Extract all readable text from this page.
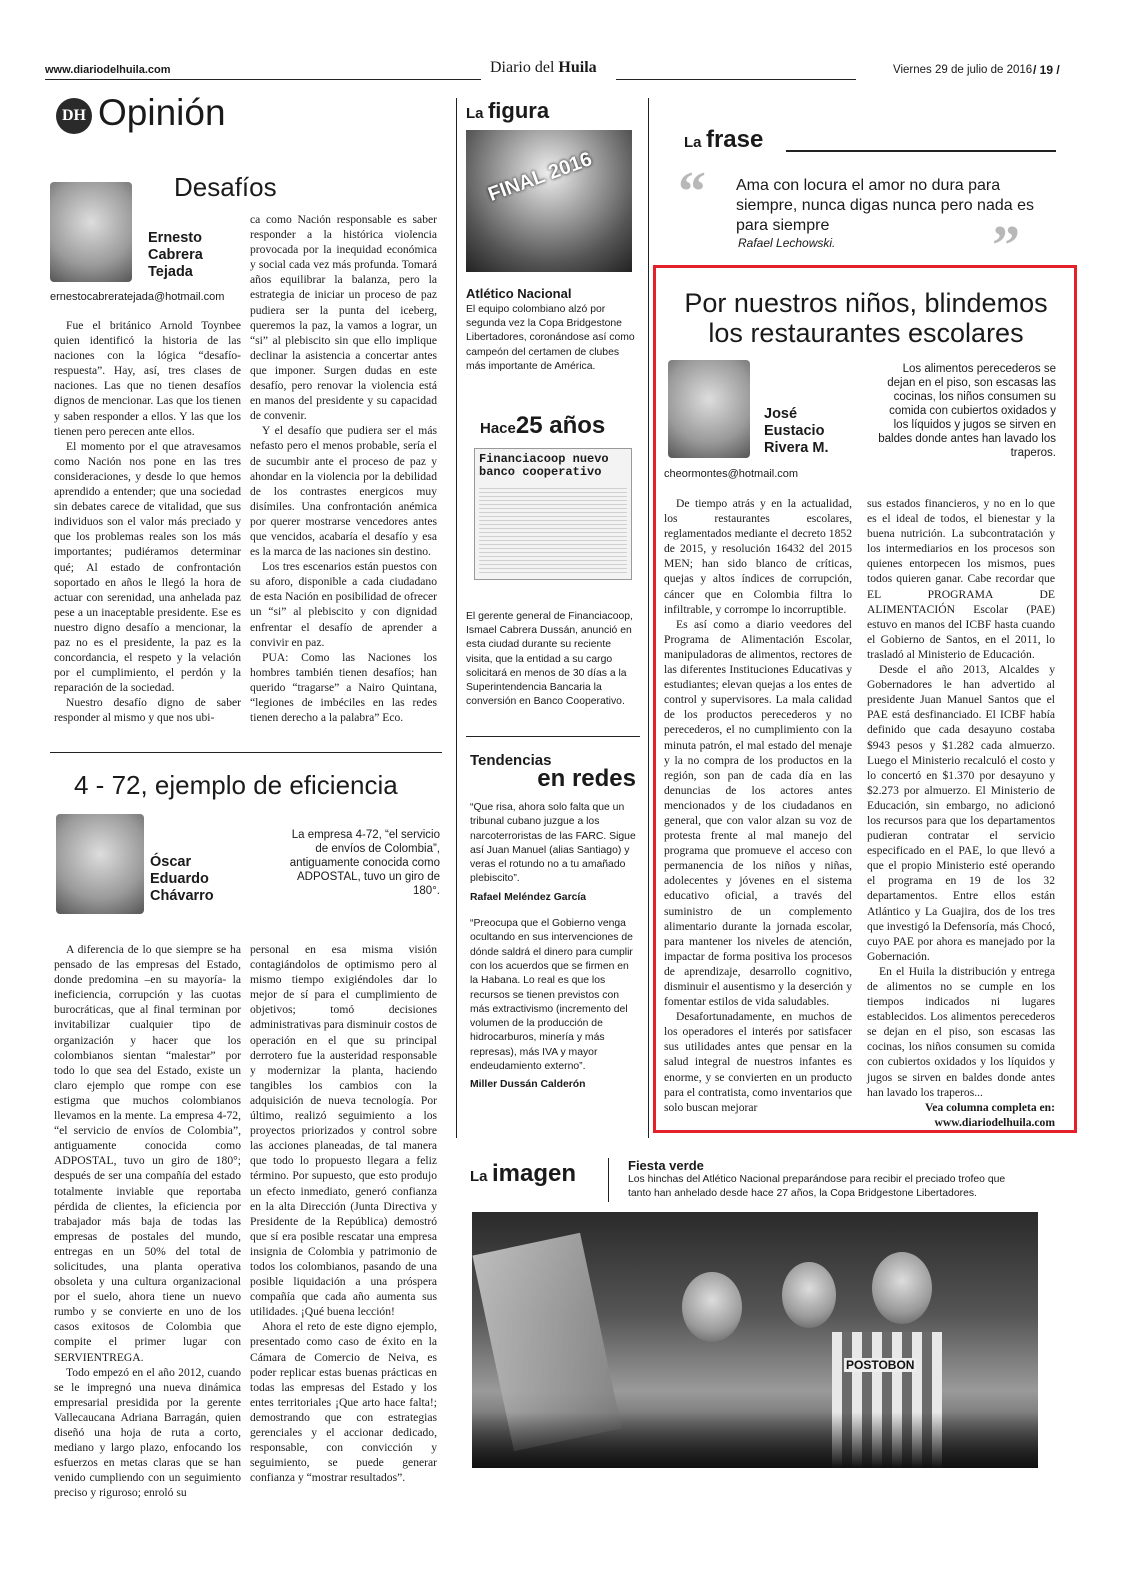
www.diariodelhuila.com	Diario del Huila	Viernes 29 de julio de 2016 / 19 /
DH Opinión
Desafíos
Ernesto
Cabrera
Tejada
ernestocabreratejada@hotmail.com

Fue el británico Arnold Toynbee quien identificó la historia de las naciones con la lógica “desafío-respuesta”. Hay, así, tres clases de naciones. Las que no tienen desafíos dignos de mencionar. Las que los tienen y saben responder a ellos. Y las que los tienen pero perecen ante ellos.

El momento por el que atravesamos como Nación nos pone en las tres consideraciones, y desde lo que hemos aprendido a entender; que una sociedad sin debates carece de vitalidad, que sus individuos son el valor más preciado y que los problemas reales son los más importantes; pudiéramos determinar qué; Al estado de confrontación soportado en años le llegó la hora de actuar con serenidad, una anhelada paz pese a un inaceptable presidente. Ese es nuestro digno desafío a mencionar, la paz no es el presidente, la paz es la concordancia, el respeto y la velación por el cumplimiento, el perdón y la reparación de la sociedad.

Nuestro desafío digno de saber responder al mismo y que nos ubi-

ca como Nación responsable es saber responder a la histórica violencia provocada por la inequidad económica y social cada vez más profunda. Tomará años equilibrar la balanza, pero la estrategia de iniciar un proceso de paz pudiera ser la punta del iceberg, queremos la paz, la vamos a lograr, un “si” al plebiscito sin que ello implique declinar la asistencia a concertar antes que imponer. Surgen dudas en este desafío, pero renovar la violencia está en manos del presidente y su capacidad de convenir.

Y el desafío que pudiera ser el más nefasto pero el menos probable, sería el de sucumbir ante el proceso de paz y ahondar en la violencia por la debilidad de los contrastes energicos muy disímiles. Una confrontación anémica por querer mostrarse vencedores antes que vencidos, acabaría el desafío y esa es la marca de las naciones sin destino.

Los tres escenarios están puestos con su aforo, disponible a cada ciudadano de esta Nación en posibilidad de ofrecer un “si” al plebiscito y con dignidad enfrentar el desafío de aprender a convivir en paz.

PUA: Como las Naciones los hombres también tienen desafíos; han querido “tragarse” a Nairo Quintana, “legiones de imbéciles en las redes tienen derecho a la palabra” Eco.

4 - 72, ejemplo de eficiencia
Óscar
Eduardo
Chávarro
La empresa 4-72, “el servicio de envíos de Colombia”, antiguamente conocida como ADPOSTAL, tuvo un giro de 180°.

A diferencia de lo que siempre se ha pensado de las empresas del Estado, donde predomina –en su mayoría- la ineficiencia, corrupción y las cuotas burocráticas, que al final terminan por invitabilizar cualquier tipo de organización y hacer que los colombianos sientan “malestar” por todo lo que sea del Estado, existe un claro ejemplo que rompe con ese estigma que muchos colombianos llevamos en la mente. La empresa 4-72, “el servicio de envíos de Colombia”, antiguamente conocida como ADPOSTAL, tuvo un giro de 180°; después de ser una compañía del estado totalmente inviable que reportaba pérdida de clientes, la eficiencia por trabajador más baja de todas las empresas de postales del mundo, entregas en un 50% del total de solicitudes, una planta operativa obsoleta y una cultura organizacional por el suelo, ahora tiene un nuevo rumbo y se convierte en uno de los casos exitosos de Colombia que compite el primer lugar con SERVIENTREGA.

Todo empezó en el año 2012, cuando se le impregnó una nueva dinámica empresarial presidida por la gerente Vallecaucana Adriana Barragán, quien diseñó una hoja de ruta a corto, mediano y largo plazo, enfocando los esfuerzos en metas claras que se han venido cumpliendo con un seguimiento preciso y riguroso; enroló su

personal en esa misma visión contagiándolos de optimismo pero al mismo tiempo exigiéndoles dar lo mejor de sí para el cumplimiento de objetivos; tomó decisiones administrativas para disminuir costos de operación en el que su principal derrotero fue la austeridad responsable y modernizar la planta, haciendo tangibles los cambios con la adquisición de nueva tecnología. Por último, realizó seguimiento a los proyectos priorizados y control sobre las acciones planeadas, de tal manera que todo lo propuesto llegara a feliz término. Por supuesto, que esto produjo un efecto inmediato, generó confianza en la alta Dirección (Junta Directiva y Presidente de la República) demostró que sí era posible rescatar una empresa insignia de Colombia y patrimonio de todos los colombianos, pasando de una posible liquidación a una próspera compañía que cada año aumenta sus utilidades. ¡Qué buena lección!

Ahora el reto de este digno ejemplo, presentado como caso de éxito en la Cámara de Comercio de Neiva, es poder replicar estas buenas prácticas en todas las empresas del Estado y los entes territoriales ¡Que arto hace falta!; demostrando que con estrategias gerenciales y el accionar dedicado, responsable, con convicción y seguimiento, se puede generar confianza y “mostrar resultados”.

La figura
FINAL 2016
Atlético Nacional
El equipo colombiano alzó por segunda vez la Copa Bridgestone Libertadores, coronándose así como campeón del certamen de clubes más importante de América.
Hace25 años
Financiacoop nuevo
banco cooperativo
El gerente general de Financiacoop, Ismael Cabrera Dussán, anunció en esta ciudad durante su reciente visita, que la entidad a su cargo solicitará en menos de 30 días a la Superintendencia Bancaria la conversión en Banco Cooperativo.
Tendencias
en redes
“Que risa, ahora solo falta que un tribunal cubano juzgue a los narcoterroristas de las FARC. Sigue así Juan Manuel (alias Santiago) y veras el rotundo no a tu amañado plebiscito”.
Rafael Meléndez García
“Preocupa que el Gobierno venga ocultando en sus intervenciones de dónde saldrá el dinero para cumplir con los acuerdos que se firmen en la Habana. Lo real es que los recursos se tienen previstos con más extractivismo (incremento del volumen de la producción de hidrocarburos, minería y más represas), más IVA y mayor endeudamiento externo”.
Miller Dussán Calderón
La frase
“ Ama con locura el amor no dura para siempre, nunca digas nunca pero nada es para siempre
Rafael Lechowski.	”
Por nuestros niños, blindemos
los restaurantes escolares
José
Eustacio
Rivera M.
cheormontes@hotmail.com
Los alimentos perecederos se dejan en el piso, son escasas las cocinas, los niños consumen su comida con cubiertos oxidados y los líquidos y jugos se sirven en baldes donde antes han lavado los traperos.

De tiempo atrás y en la actualidad, los restaurantes escolares, reglamentados mediante el decreto 1852 de 2015, y resolución 16432 del 2015 MEN; han sido blanco de críticas, quejas y altos índices de corrupción, cáncer que en Colombia filtra lo infiltrable, y corrompe lo incorruptible.

Es así como a diario veedores del Programa de Alimentación Escolar, manipuladoras de alimentos, rectores de las diferentes Instituciones Educativas y estudiantes; elevan quejas a los entes de control y supervisores. La mala calidad de los productos perecederos y no perecederos, el no cumplimiento con la minuta patrón, el mal estado del menaje y la no compra de los productos en la región, son pan de cada día en las denuncias de los actores antes mencionados y de los ciudadanos en general, que con valor alzan su voz de protesta frente al mal manejo del programa que promueve el acceso con permanencia de los niños y niñas, adolecentes y jóvenes en el sistema educativo oficial, a través del suministro de un complemento alimentario durante la jornada escolar, para mantener los niveles de atención, impactar de forma positiva los procesos de aprendizaje, desarrollo cognitivo, disminuir el ausentismo y la deserción y fomentar estilos de vida saludables.

Desafortunadamente, en muchos de los operadores el interés por satisfacer sus utilidades antes que pensar en la salud integral de nuestros infantes es enorme, y se convierten en un producto para el contratista, como inventarios que solo buscan mejorar

sus estados financieros, y no en lo que es el ideal de todos, el bienestar y la buena nutrición. La subcontratación y los intermediarios en los procesos son quienes entorpecen los mismos, pues todos quieren ganar. Cabe recordar que EL PROGRAMA DE ALIMENTACIÓN Escolar (PAE) estuvo en manos del ICBF hasta cuando el Gobierno de Santos, en el 2011, lo trasladó al Ministerio de Educación.

Desde el año 2013, Alcaldes y Gobernadores le han advertido al presidente Juan Manuel Santos que el PAE está desfinanciado. El ICBF había definido que cada desayuno costaba $943 pesos y $1.282 cada almuerzo. Luego el Ministerio recalculó el costo y lo concertó en $1.370 por desayuno y $2.273 por almuerzo. El Ministerio de Educación, sin embargo, no adicionó los recursos para que los departamentos pudieran contratar el servicio especificado en el PAE, lo que llevó a que el propio Ministerio esté operando el programa en 19 de los 32 departamentos. Entre ellos están Atlántico y La Guajira, dos de los tres que investigó la Defensoría, más Chocó, cuyo PAE por ahora es manejado por la Gobernación.

En el Huila la distribución y entrega de alimentos no se cumple en los tiempos indicados ni lugares establecidos. Los alimentos perecederos se dejan en el piso, son escasas las cocinas, los niños consumen su comida con cubiertos oxidados y los líquidos y jugos se sirven en baldes donde antes han lavado los traperos...

Vea columna completa en:
www.diariodelhuila.com
La imagen	Fiesta verde
Los hinchas del Atlético Nacional preparándose para recibir el preciado trofeo que tanto han anhelado desde hace 27 años, la Copa Bridgestone Libertadores.
POSTOBON
